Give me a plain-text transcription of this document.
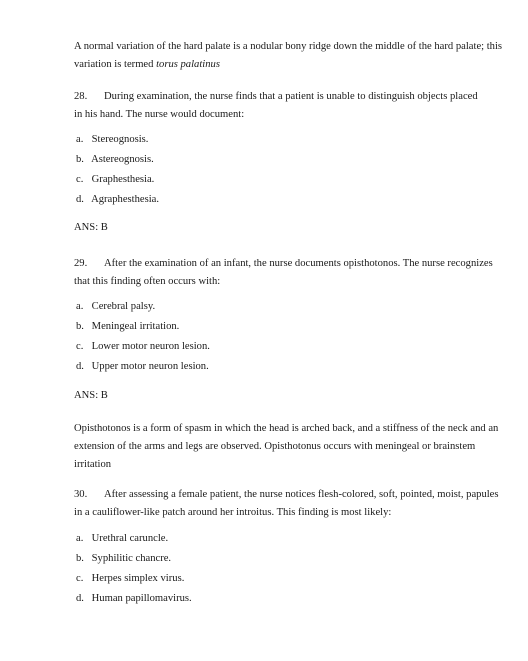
A normal variation of the hard palate is a nodular bony ridge down the middle of the hard palate; this variation is termed torus palatinus
28. During examination, the nurse finds that a patient is unable to distinguish objects placed
in his hand. The nurse would document:
a. Stereognosis.
b. Astereognosis.
c. Graphesthesia.
d. Agraphesthesia.
ANS: B
29. After the examination of an infant, the nurse documents opisthotonos. The nurse recognizes
that this finding often occurs with:
a. Cerebral palsy.
b. Meningeal irritation.
c. Lower motor neuron lesion.
d. Upper motor neuron lesion.
ANS: B
Opisthotonos is a form of spasm in which the head is arched back, and a stiffness of the neck and an extension of the arms and legs are observed. Opisthotonus occurs with meningeal or brainstem irritation
30. After assessing a female patient, the nurse notices flesh-colored, soft, pointed, moist, papules
in a cauliflower-like patch around her introitus. This finding is most likely:
a. Urethral caruncle.
b. Syphilitic chancre.
c. Herpes simplex virus.
d. Human papillomavirus.
